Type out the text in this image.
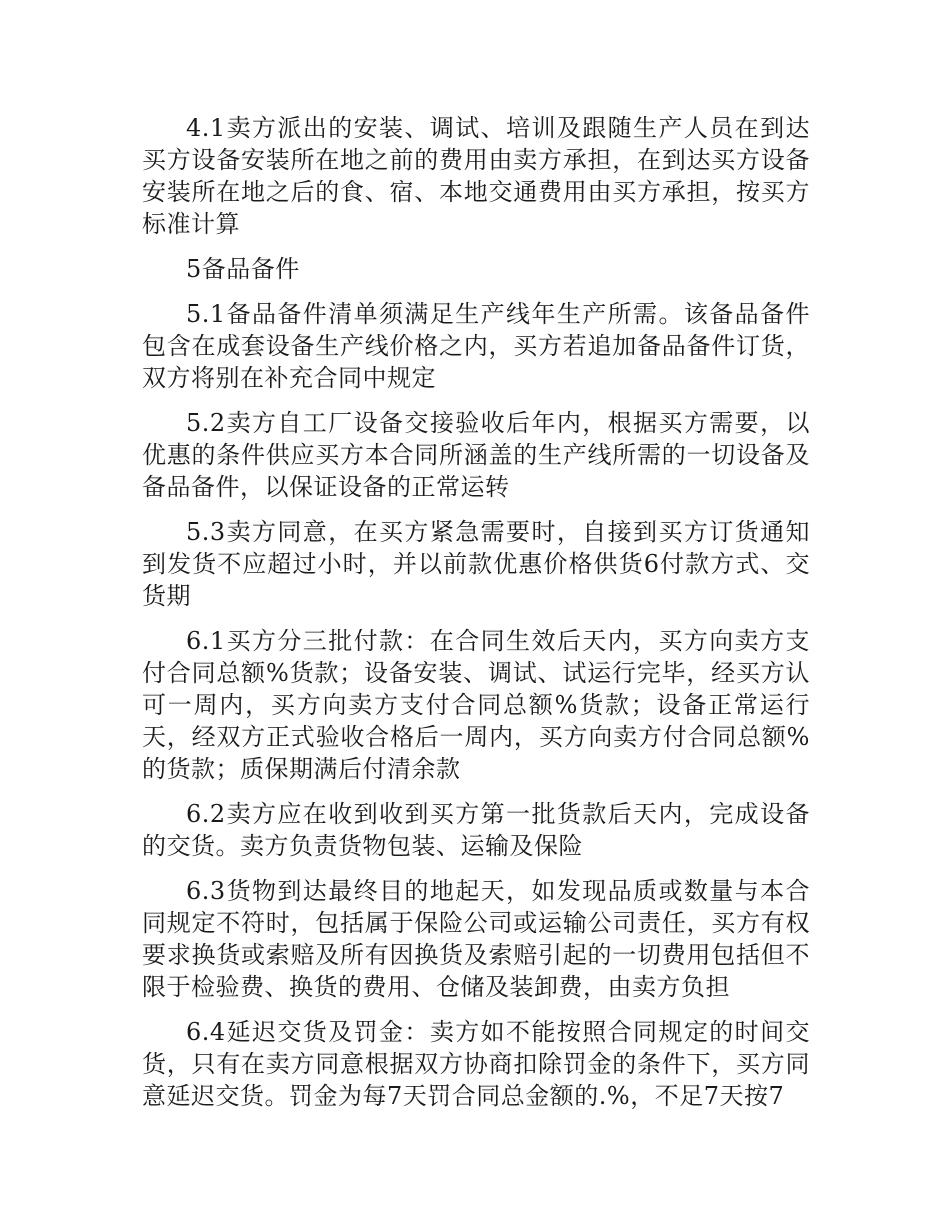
4.1卖方派出的安装、调试、培训及跟随生产人员在到达买方设备安装所在地之前的费用由卖方承担，在到达买方设备安装所在地之后的食、宿、本地交通费用由买方承担，按买方标准计算

5备品备件

5.1备品备件清单须满足生产线年生产所需。该备品备件包含在成套设备生产线价格之内，买方若追加备品备件订货，双方将别在补充合同中规定

5.2卖方自工厂设备交接验收后年内，根据买方需要，以优惠的条件供应买方本合同所涵盖的生产线所需的一切设备及备品备件，以保证设备的正常运转

5.3卖方同意，在买方紧急需要时，自接到买方订货通知到发货不应超过小时，并以前款优惠价格供货6付款方式、交货期

6.1买方分三批付款：在合同生效后天内，买方向卖方支付合同总额%货款；设备安装、调试、试运行完毕，经买方认可一周内，买方向卖方支付合同总额%货款；设备正常运行天，经双方正式验收合格后一周内，买方向卖方付合同总额%的货款；质保期满后付清余款

6.2卖方应在收到收到买方第一批货款后天内，完成设备的交货。卖方负责货物包装、运输及保险

6.3货物到达最终目的地起天，如发现品质或数量与本合同规定不符时，包括属于保险公司或运输公司责任，买方有权要求换货或索赔及所有因换货及索赔引起的一切费用包括但不限于检验费、换货的费用、仓储及装卸费，由卖方负担

6.4延迟交货及罚金：卖方如不能按照合同规定的时间交货，只有在卖方同意根据双方协商扣除罚金的条件下，买方同意延迟交货。罚金为每7天罚合同总金额的.%，不足7天按7
